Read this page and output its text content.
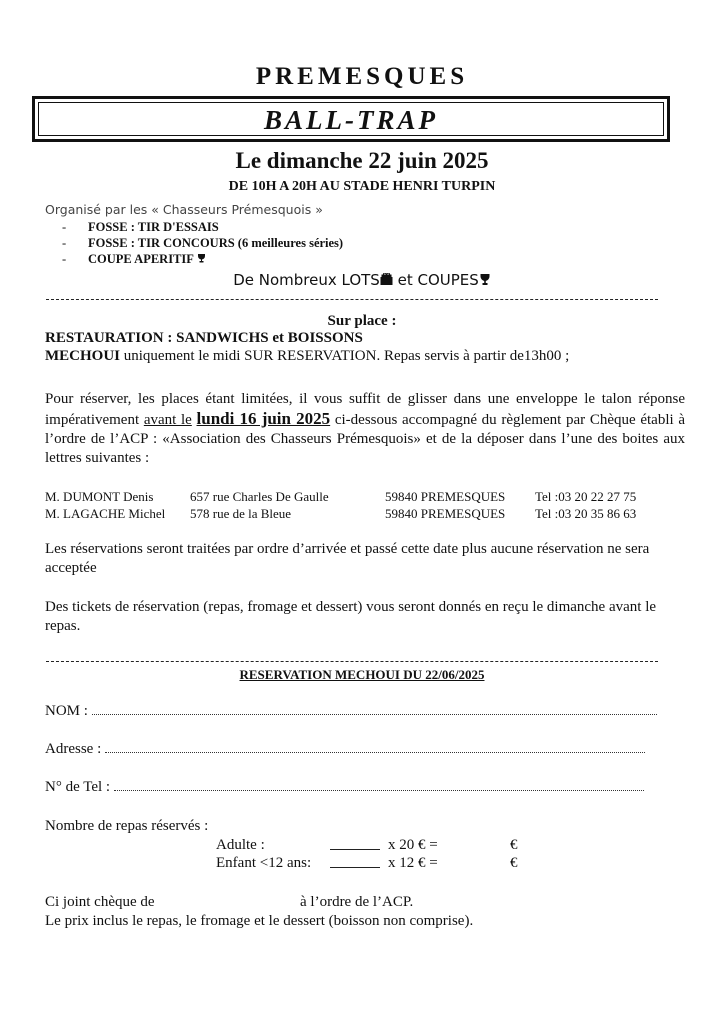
PREMESQUES
BALL-TRAP
Le dimanche 22 juin 2025
DE 10H A 20H AU STADE HENRI TURPIN
Organisé par les « Chasseurs Prémesquois »
- FOSSE : TIR D'ESSAIS
- FOSSE : TIR CONCOURS (6 meilleures séries)
- COUPE APERITIF
De Nombreux LOTS et COUPES
Sur place :
RESTAURATION : SANDWICHS et BOISSONS
MECHOUI uniquement le midi SUR RESERVATION. Repas servis à partir de13h00 ;
Pour réserver, les places étant limitées, il vous suffit de glisser dans une enveloppe le talon réponse impérativement avant le lundi 16 juin 2025 ci-dessous accompagné du règlement par Chèque établi à l’ordre de l’ACP : «Association des Chasseurs Prémesquois» et de la déposer dans l’une des boites aux lettres suivantes :
M. DUMONT Denis	657 rue Charles De Gaulle	59840 PREMESQUES Tel :03 20 22 27 75
M. LAGACHE Michel 578 rue de la Bleue	59840 PREMESQUES Tel :03 20 35 86 63
Les réservations seront traitées par ordre d’arrivée et passé cette date plus aucune réservation ne sera acceptée
Des tickets de réservation (repas, fromage et dessert) vous seront donnés en reçu le dimanche avant le repas.
RESERVATION MECHOUI DU 22/06/2025
NOM :
Adresse :
N° de Tel :
Nombre de repas réservés :
Adulte :	x 20 € =	€
Enfant <12 ans:	x 12 € =	€
Ci joint chèque de	à l’ordre de l’ACP.
Le prix inclus le repas, le fromage et le dessert (boisson non comprise).
